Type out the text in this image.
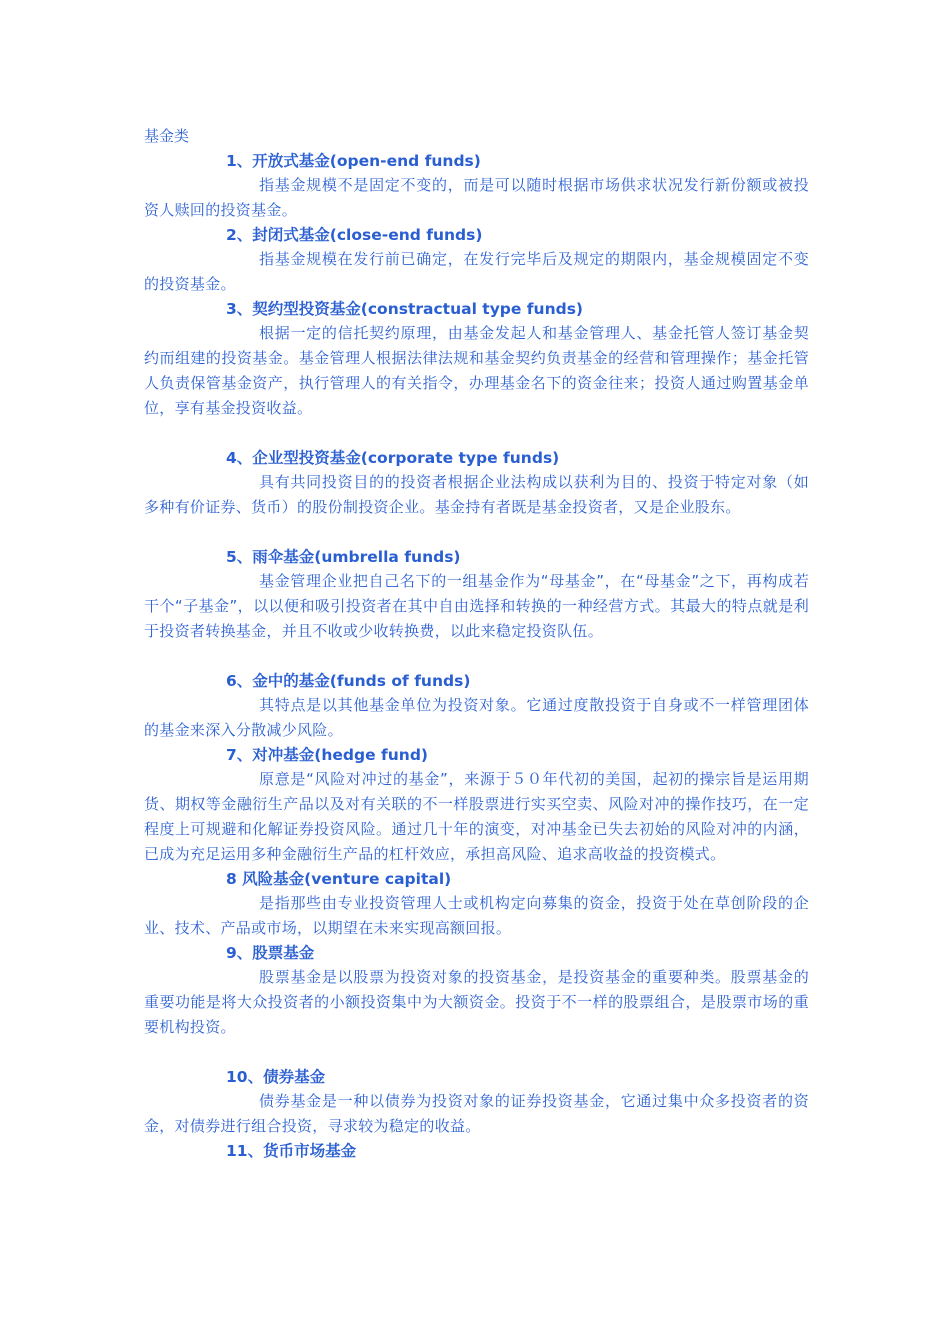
基金类
1、开放式基金(open-end funds)

指基金规模不是固定不变的，而是可以随时根据市场供求状况发行新份额或被投资人赎回的投资基金。

2、封闭式基金(close-end funds)

指基金规模在发行前已确定，在发行完毕后及规定的期限内，基金规模固定不变的投资基金。

3、契约型投资基金(constractual type funds)

根据一定的信托契约原理，由基金发起人和基金管理人、基金托管人签订基金契约而组建的投资基金。基金管理人根据法律法规和基金契约负责基金的经营和管理操作；基金托管人负责保管基金资产，执行管理人的有关指令，办理基金名下的资金往来；投资人通过购置基金单位，享有基金投资收益。

4、企业型投资基金(corporate type funds)

具有共同投资目的的投资者根据企业法构成以获利为目的、投资于特定对象（如多种有价证券、货币）的股份制投资企业。基金持有者既是基金投资者，又是企业股东。

5、雨伞基金(umbrella funds)

基金管理企业把自己名下的一组基金作为“母基金”，在“母基金”之下，再构成若干个“子基金”，以以便和吸引投资者在其中自由选择和转换的一种经营方式。其最大的特点就是利于投资者转换基金，并且不收或少收转换费，以此来稳定投资队伍。

6、金中的基金(funds of funds)

其特点是以其他基金单位为投资对象。它通过度散投资于自身或不一样管理团体的基金来深入分散减少风险。

7、对冲基金(hedge fund)

原意是“风险对冲过的基金”，来源于５０年代初的美国，起初的操宗旨是运用期货、期权等金融衍生产品以及对有关联的不一样股票进行实买空卖、风险对冲的操作技巧，在一定程度上可规避和化解证券投资风险。通过几十年的演变，对冲基金已失去初始的风险对冲的内涵，已成为充足运用多种金融衍生产品的杠杆效应，承担高风险、追求高收益的投资模式。

8 风险基金(venture capital)

是指那些由专业投资管理人士或机构定向募集的资金，投资于处在草创阶段的企业、技术、产品或市场，以期望在未来实现高额回报。

9、股票基金

股票基金是以股票为投资对象的投资基金，是投资基金的重要种类。股票基金的重要功能是将大众投资者的小额投资集中为大额资金。投资于不一样的股票组合，是股票市场的重要机构投资。

10、债券基金

债券基金是一种以债券为投资对象的证券投资基金，它通过集中众多投资者的资金，对债券进行组合投资，寻求较为稳定的收益。

11、货币市场基金
